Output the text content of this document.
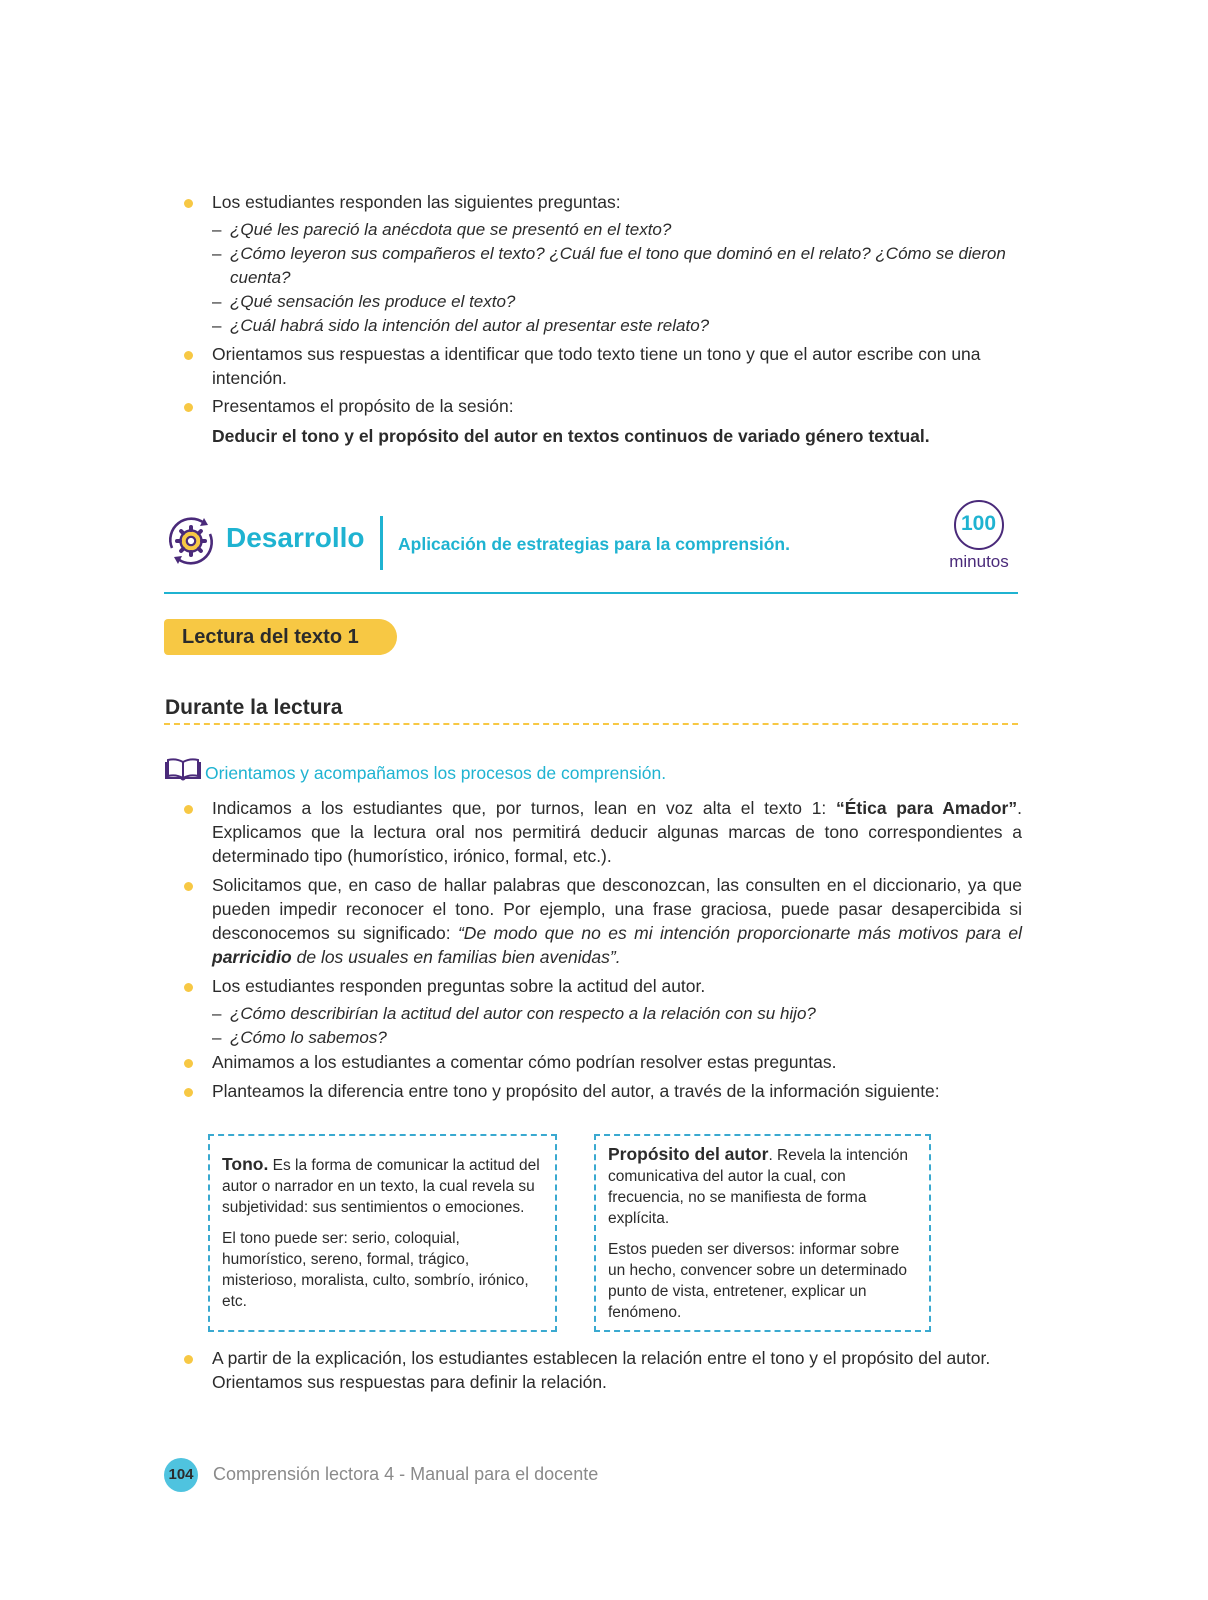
Los estudiantes responden las siguientes preguntas:
– ¿Qué les pareció la anécdota que se presentó en el texto?
– ¿Cómo leyeron sus compañeros el texto? ¿Cuál fue el tono que dominó en el relato? ¿Cómo se dieron cuenta?
– ¿Qué sensación les produce el texto?
– ¿Cuál habrá sido la intención del autor al presentar este relato?
Orientamos sus respuestas a identificar que todo texto tiene un tono y que el autor escribe con una intención.
Presentamos el propósito de la sesión:
Deducir el tono y el propósito del autor en textos continuos de variado género textual.
Desarrollo Aplicación de estrategias para la comprensión.
100
minutos
Lectura del texto 1
Durante la lectura
Orientamos y acompañamos los procesos de comprensión.
Indicamos a los estudiantes que, por turnos, lean en voz alta el texto 1: “Ética para Amador”. Explicamos que la lectura oral nos permitirá deducir algunas marcas de tono correspondientes a determinado tipo (humorístico, irónico, formal, etc.).
Solicitamos que, en caso de hallar palabras que desconozcan, las consulten en el diccionario, ya que pueden impedir reconocer el tono. Por ejemplo, una frase graciosa, puede pasar desapercibida si desconocemos su significado: “De modo que no es mi intención proporcionarte más motivos para el parricidio de los usuales en familias bien avenidas”.
Los estudiantes responden preguntas sobre la actitud del autor.
– ¿Cómo describirían la actitud del autor con respecto a la relación con su hijo?
– ¿Cómo lo sabemos?
Animamos a los estudiantes a comentar cómo podrían resolver estas preguntas.
Planteamos la diferencia entre tono y propósito del autor, a través de la información siguiente:

Tono. Es la forma de comunicar la actitud del autor o narrador en un texto, la cual revela su subjetividad: sus sentimientos o emociones.

El tono puede ser: serio, coloquial, humorístico, sereno, formal, trágico, misterioso, moralista, culto, sombrío, irónico, etc.

Propósito del autor. Revela la intención comunicativa del autor la cual, con frecuencia, no se manifiesta de forma explícita.

Estos pueden ser diversos: informar sobre un hecho, convencer sobre un determinado punto de vista, entretener, explicar un fenómeno.

A partir de la explicación, los estudiantes establecen la relación entre el tono y el propósito del autor. Orientamos sus respuestas para definir la relación.
104 Comprensión lectora 4 - Manual para el docente
